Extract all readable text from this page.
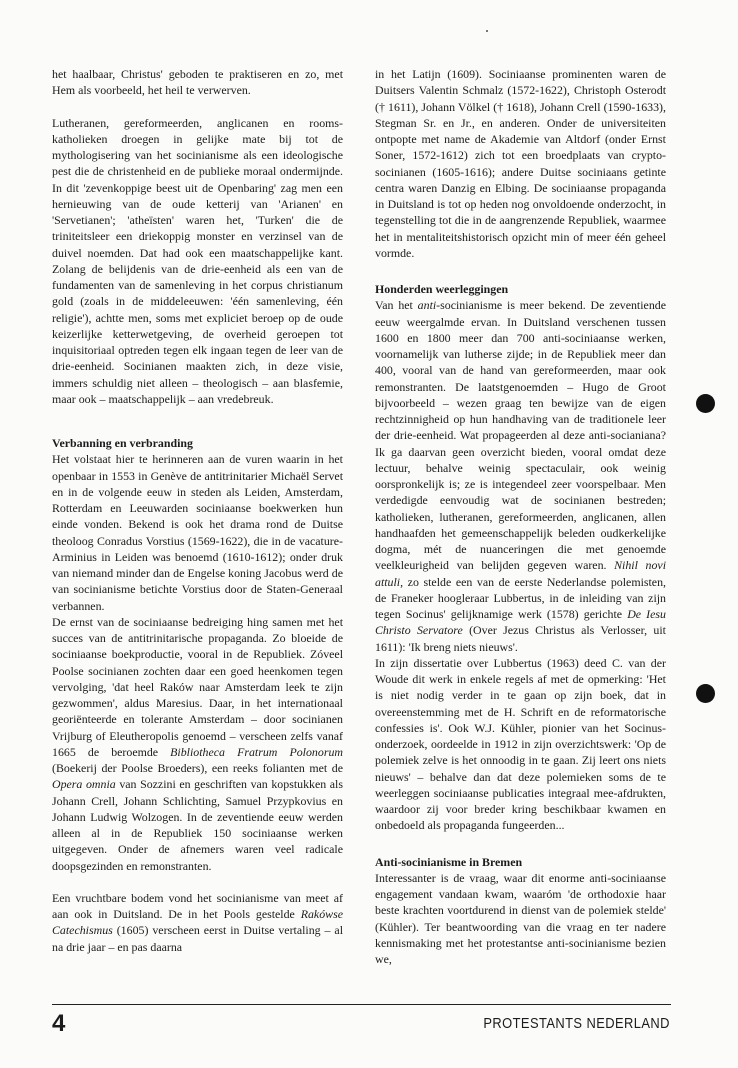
het haalbaar, Christus' geboden te praktiseren en zo, met Hem als voorbeeld, het heil te verwerven.

Lutheranen, gereformeerden, anglicanen en rooms-katholieken droegen in gelijke mate bij tot de mythologisering van het socinianisme als een ideologische pest die de christenheid en de publieke moraal ondermijnde. In dit 'zevenkoppige beest uit de Openbaring' zag men een hernieuwing van de oude ketterij van 'Arianen' en 'Servetianen'; 'atheïsten' waren het, 'Turken' die de triniteitsleer een driekoppig monster en verzinsel van de duivel noemden. Dat had ook een maatschappelijke kant. Zolang de belijdenis van de drie-eenheid als een van de fundamenten van de samenleving in het corpus christianum gold (zoals in de middeleeuwen: 'één samenleving, één religie'), achtte men, soms met expliciet beroep op de oude keizerlijke ketterwetgeving, de overheid geroepen tot inquisitoriaal optreden tegen elk ingaan tegen de leer van de drie-eenheid. Socinianen maakten zich, in deze visie, immers schuldig niet alleen – theologisch – aan blasfemie, maar ook – maatschappelijk – aan vredebreuk.

Verbanning en verbranding

Het volstaat hier te herinneren aan de vuren waarin in het openbaar in 1553 in Genève de antitrinitarier Michaël Servet en in de volgende eeuw in steden als Leiden, Amsterdam, Rotterdam en Leeuwarden sociniaanse boekwerken hun einde vonden. Bekend is ook het drama rond de Duitse theoloog Conradus Vorstius (1569-1622), die in de vacature-Arminius in Leiden was benoemd (1610-1612); onder druk van niemand minder dan de Engelse koning Jacobus werd de van socinianisme betichte Vorstius door de Staten-Generaal verbannen.

De ernst van de sociniaanse bedreiging hing samen met het succes van de antitrinitarische propaganda. Zo bloeide de sociniaanse boekproductie, vooral in de Republiek. Zóveel Poolse socinianen zochten daar een goed heenkomen tegen vervolging, 'dat heel Raków naar Amsterdam leek te zijn gezwommen', aldus Maresius. Daar, in het internationaal georiënteerde en tolerante Amsterdam – door socinianen Vrijburg of Eleutheropolis genoemd – verscheen zelfs vanaf 1665 de beroemde Bibliotheca Fratrum Polonorum (Boekerij der Poolse Broeders), een reeks folianten met de Opera omnia van Sozzini en geschriften van kopstukken als Johann Crell, Johann Schlichting, Samuel Przypkovius en Johann Ludwig Wolzogen. In de zeventiende eeuw werden alleen al in de Republiek 150 sociniaanse werken uitgegeven. Onder de afnemers waren veel radicale doopsgezinden en remonstranten.

Een vruchtbare bodem vond het socinianisme van meet af aan ook in Duitsland. De in het Pools gestelde Rakówse Catechismus (1605) verscheen eerst in Duitse vertaling – al na drie jaar – en pas daarna

in het Latijn (1609). Sociniaanse prominenten waren de Duitsers Valentin Schmalz (1572-1622), Christoph Osterodt († 1611), Johann Völkel († 1618), Johann Crell (1590-1633), Stegman Sr. en Jr., en anderen. Onder de universiteiten ontpopte met name de Akademie van Altdorf (onder Ernst Soner, 1572-1612) zich tot een broedplaats van crypto-socinianen (1605-1616); andere Duitse sociniaans getinte centra waren Danzig en Elbing. De sociniaanse propaganda in Duitsland is tot op heden nog onvoldoende onderzocht, in tegenstelling tot die in de aangrenzende Republiek, waarmee het in mentaliteitshistorisch opzicht min of meer één geheel vormde.

Honderden weerleggingen

Van het anti-socinianisme is meer bekend. De zeventiende eeuw weergalmde ervan. In Duitsland verschenen tussen 1600 en 1800 meer dan 700 anti-sociniaanse werken, voornamelijk van lutherse zijde; in de Republiek meer dan 400, vooral van de hand van gereformeerden, maar ook remonstranten. De laatstgenoemden – Hugo de Groot bijvoorbeeld – wezen graag ten bewijze van de eigen rechtzinnigheid op hun handhaving van de traditionele leer der drie-eenheid. Wat propageerden al deze anti-socianiana? Ik ga daarvan geen overzicht bieden, vooral omdat deze lectuur, behalve weinig spectaculair, ook weinig oorspronkelijk is; ze is integendeel zeer voorspelbaar. Men verdedigde eenvoudig wat de socinianen bestreden; katholieken, lutheranen, gereformeerden, anglicanen, allen handhaafden het gemeenschappelijk beleden oudkerkelijke dogma, mét de nuanceringen die met genoemde veelkleurigheid van belijden gegeven waren. Nihil novi attuli, zo stelde een van de eerste Nederlandse polemisten, de Franeker hoogleraar Lubbertus, in de inleiding van zijn tegen Socinus' gelijknamige werk (1578) gerichte De Iesu Christo Servatore (Over Jezus Christus als Verlosser, uit 1611): 'Ik breng niets nieuws'.

In zijn dissertatie over Lubbertus (1963) deed C. van der Woude dit werk in enkele regels af met de opmerking: 'Het is niet nodig verder in te gaan op zijn boek, dat in overeenstemming met de H. Schrift en de reformatorische confessies is'. Ook W.J. Kühler, pionier van het Socinus-onderzoek, oordeelde in 1912 in zijn overzichtswerk: 'Op de polemiek zelve is het onnoodig in te gaan. Zij leert ons niets nieuws' – behalve dan dat deze polemieken soms de te weerleggen sociniaanse publicaties integraal mee-afdrukten, waardoor zij voor breder kring beschikbaar kwamen en onbedoeld als propaganda fungeerden...

Anti-socinianisme in Bremen

Interessanter is de vraag, waar dit enorme anti-sociniaanse engagement vandaan kwam, waaróm 'de orthodoxie haar beste krachten voortdurend in dienst van de polemiek stelde' (Kühler). Ter beantwoording van die vraag en ter nadere kennismaking met het protestantse anti-socinianisme bezien we,

4	PROTESTANTS NEDERLAND
